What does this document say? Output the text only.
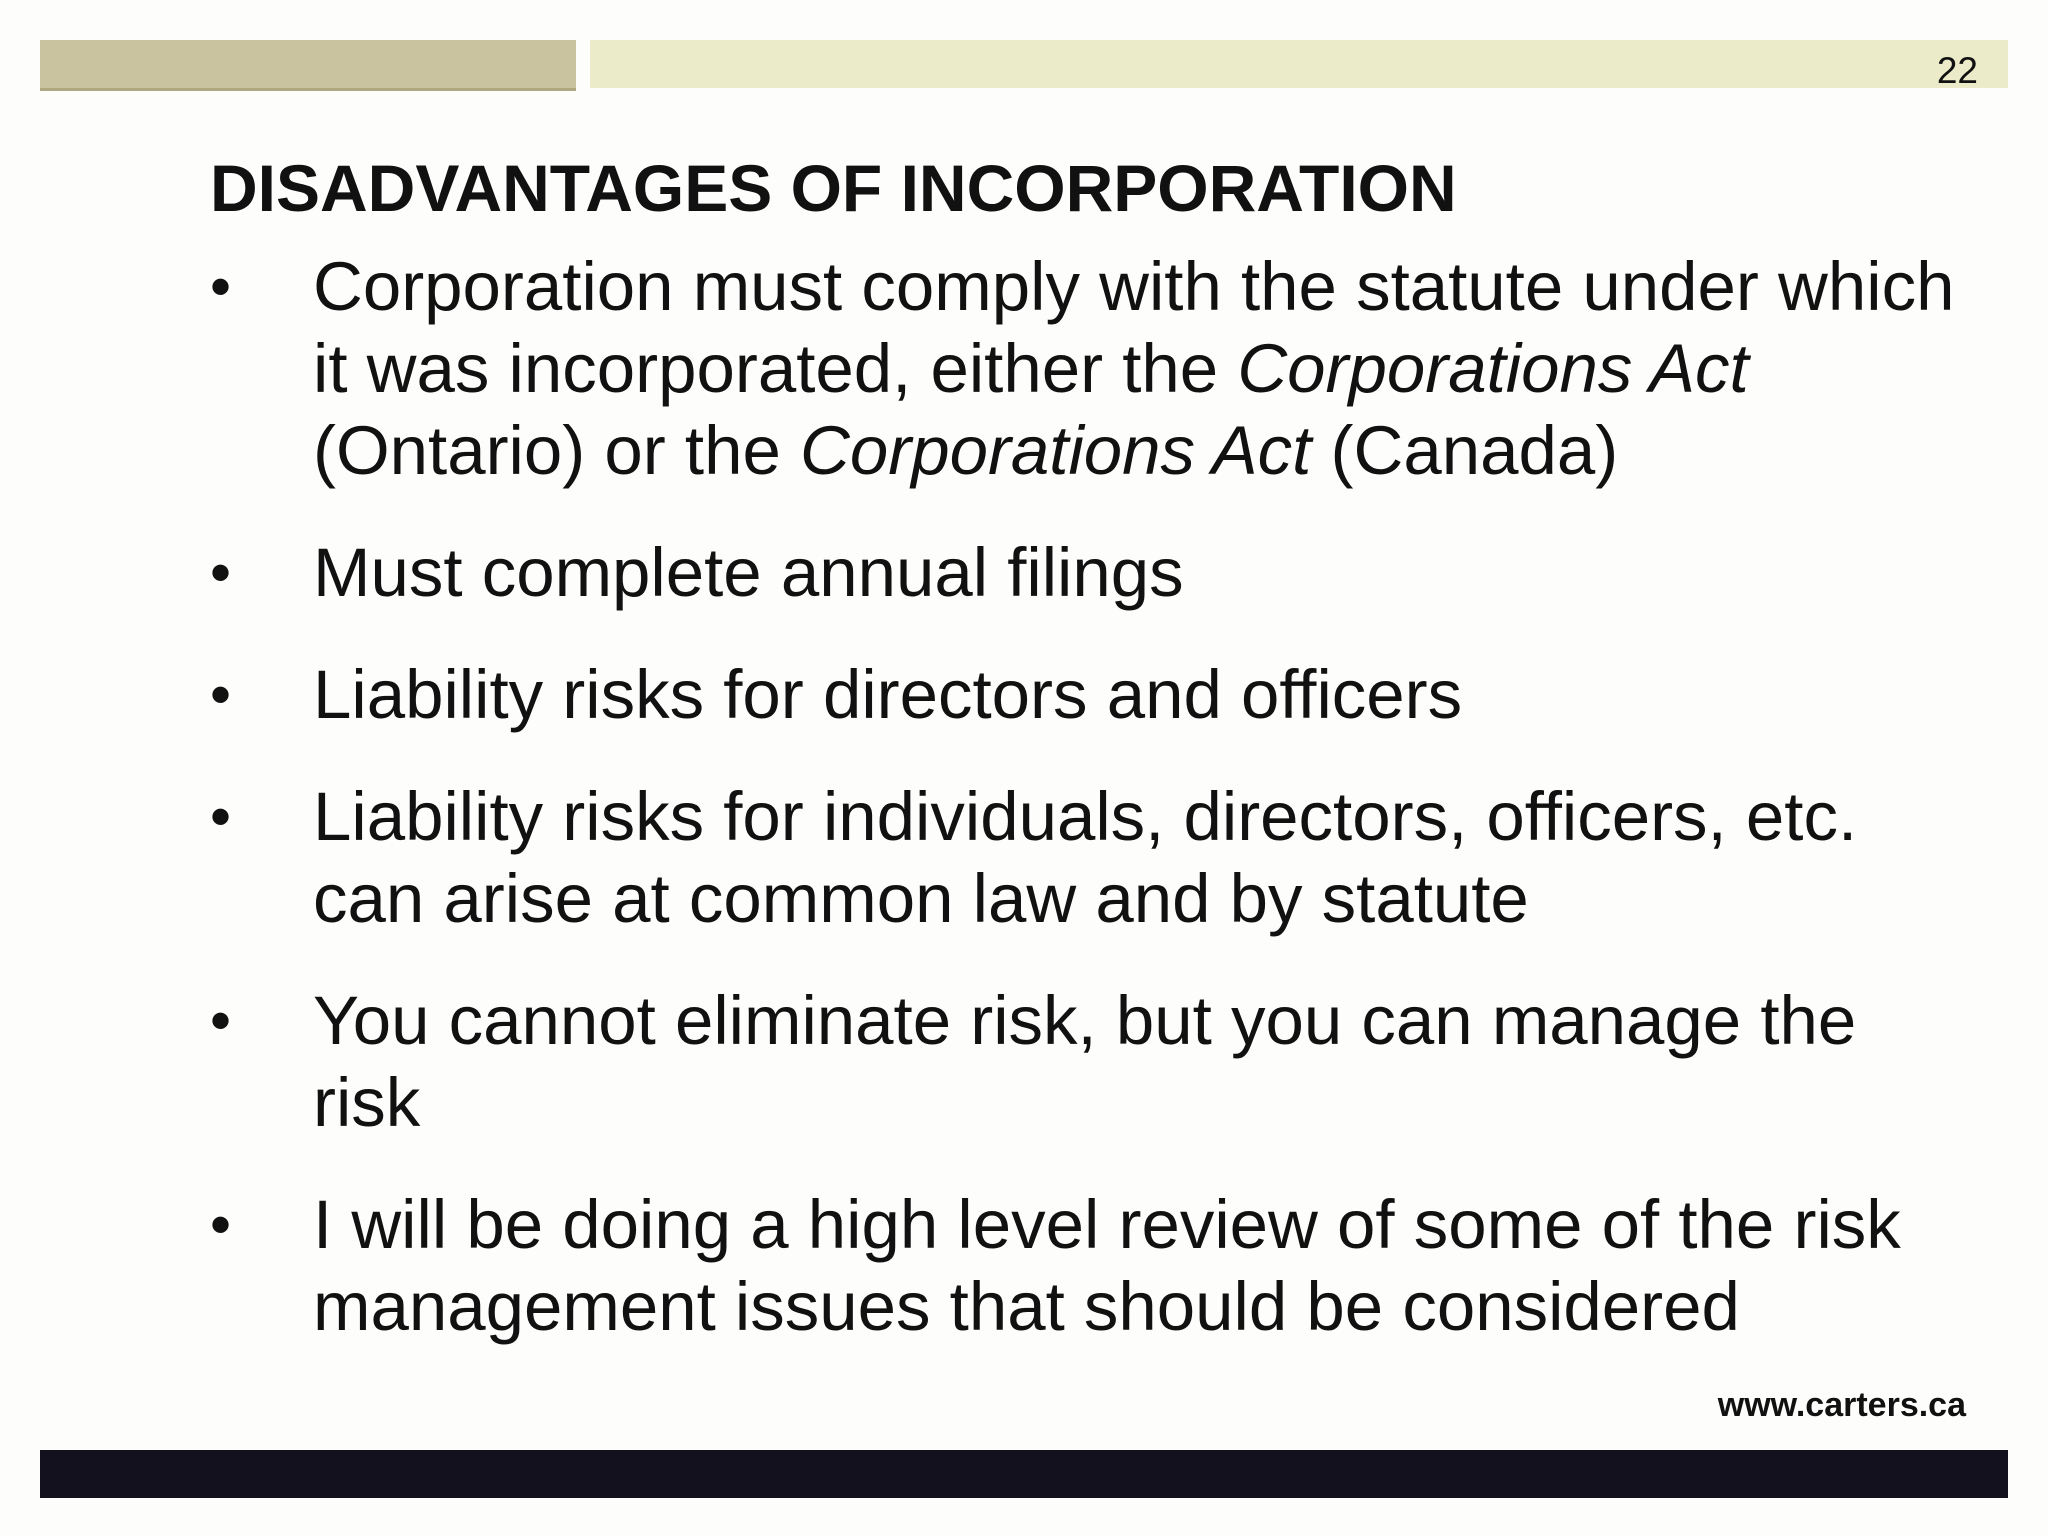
22
DISADVANTAGES OF INCORPORATION
• Corporation must comply with the statute under which it was incorporated, either the Corporations Act (Ontario) or the Corporations Act (Canada)
• Must complete annual filings
• Liability risks for directors and officers
• Liability risks for individuals, directors, officers, etc. can arise at common law and by statute
• You cannot eliminate risk, but you can manage the risk
• I will be doing a high level review of some of the risk management issues that should be considered
www.carters.ca
